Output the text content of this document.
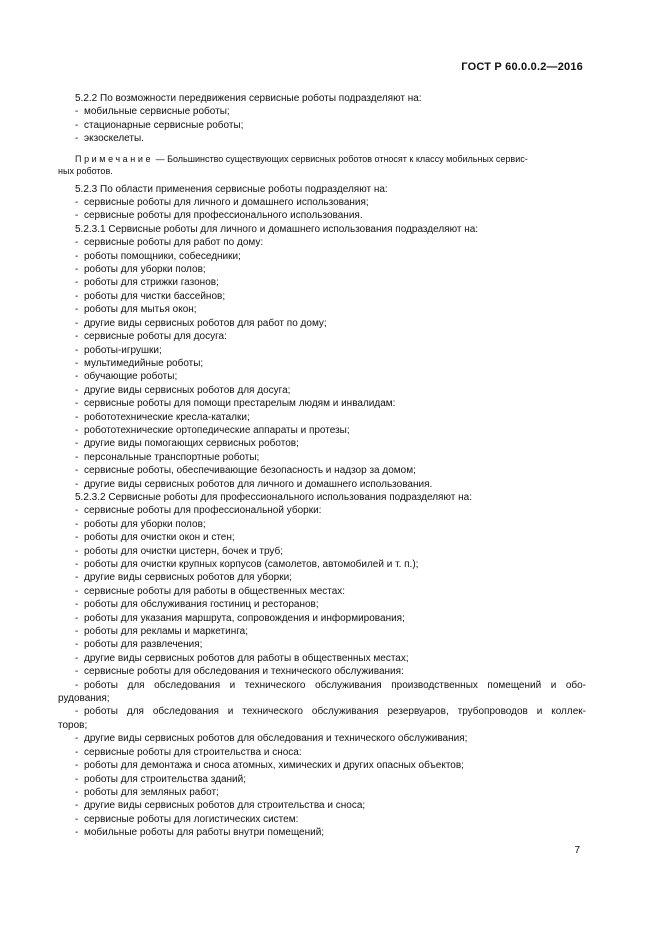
ГОСТ Р 60.0.0.2—2016
5.2.2 По возможности передвижения сервисные роботы подразделяют на:
- мобильные сервисные роботы;
- стационарные сервисные роботы;
- экзоскелеты.
Примечание — Большинство существующих сервисных роботов относят к классу мобильных сервис-
ных роботов.
5.2.3 По области применения сервисные роботы подразделяют на:
- сервисные роботы для личного и домашнего использования;
- сервисные роботы для профессионального использования.
5.2.3.1 Сервисные роботы для личного и домашнего использования подразделяют на:
- сервисные роботы для работ по дому:
- роботы помощники, собеседники;
- роботы для уборки полов;
- роботы для стрижки газонов;
- роботы для чистки бассейнов;
- роботы для мытья окон;
- другие виды сервисных роботов для работ по дому;
- сервисные роботы для досуга:
- роботы-игрушки;
- мультимедийные роботы;
- обучающие роботы;
- другие виды сервисных роботов для досуга;
- сервисные роботы для помощи престарелым людям и инвалидам:
- робототехнические кресла-каталки;
- робототехнические ортопедические аппараты и протезы;
- другие виды помогающих сервисных роботов;
- персональные транспортные роботы;
- сервисные роботы, обеспечивающие безопасность и надзор за домом;
- другие виды сервисных роботов для личного и домашнего использования.
5.2.3.2 Сервисные роботы для профессионального использования подразделяют на:
- сервисные роботы для профессиональной уборки:
- роботы для уборки полов;
- роботы для очистки окон и стен;
- роботы для очистки цистерн, бочек и труб;
- роботы для очистки крупных корпусов (самолетов, автомобилей и т. п.);
- другие виды сервисных роботов для уборки;
- сервисные роботы для работы в общественных местах:
- роботы для обслуживания гостиниц и ресторанов;
- роботы для указания маршрута, сопровождения и информирования;
- роботы для рекламы и маркетинга;
- роботы для развлечения;
- другие виды сервисных роботов для работы в общественных местах;
- сервисные роботы для обследования и технического обслуживания:
- роботы для обследования и технического обслуживания производственных помещений и обо-
рудования;
- роботы для обследования и технического обслуживания резервуаров, трубопроводов и коллек-
торов;
- другие виды сервисных роботов для обследования и технического обслуживания;
- сервисные роботы для строительства и сноса:
- роботы для демонтажа и сноса атомных, химических и других опасных объектов;
- роботы для строительства зданий;
- роботы для земляных работ;
- другие виды сервисных роботов для строительства и сноса;
- сервисные роботы для логистических систем:
- мобильные роботы для работы внутри помещений;
7
